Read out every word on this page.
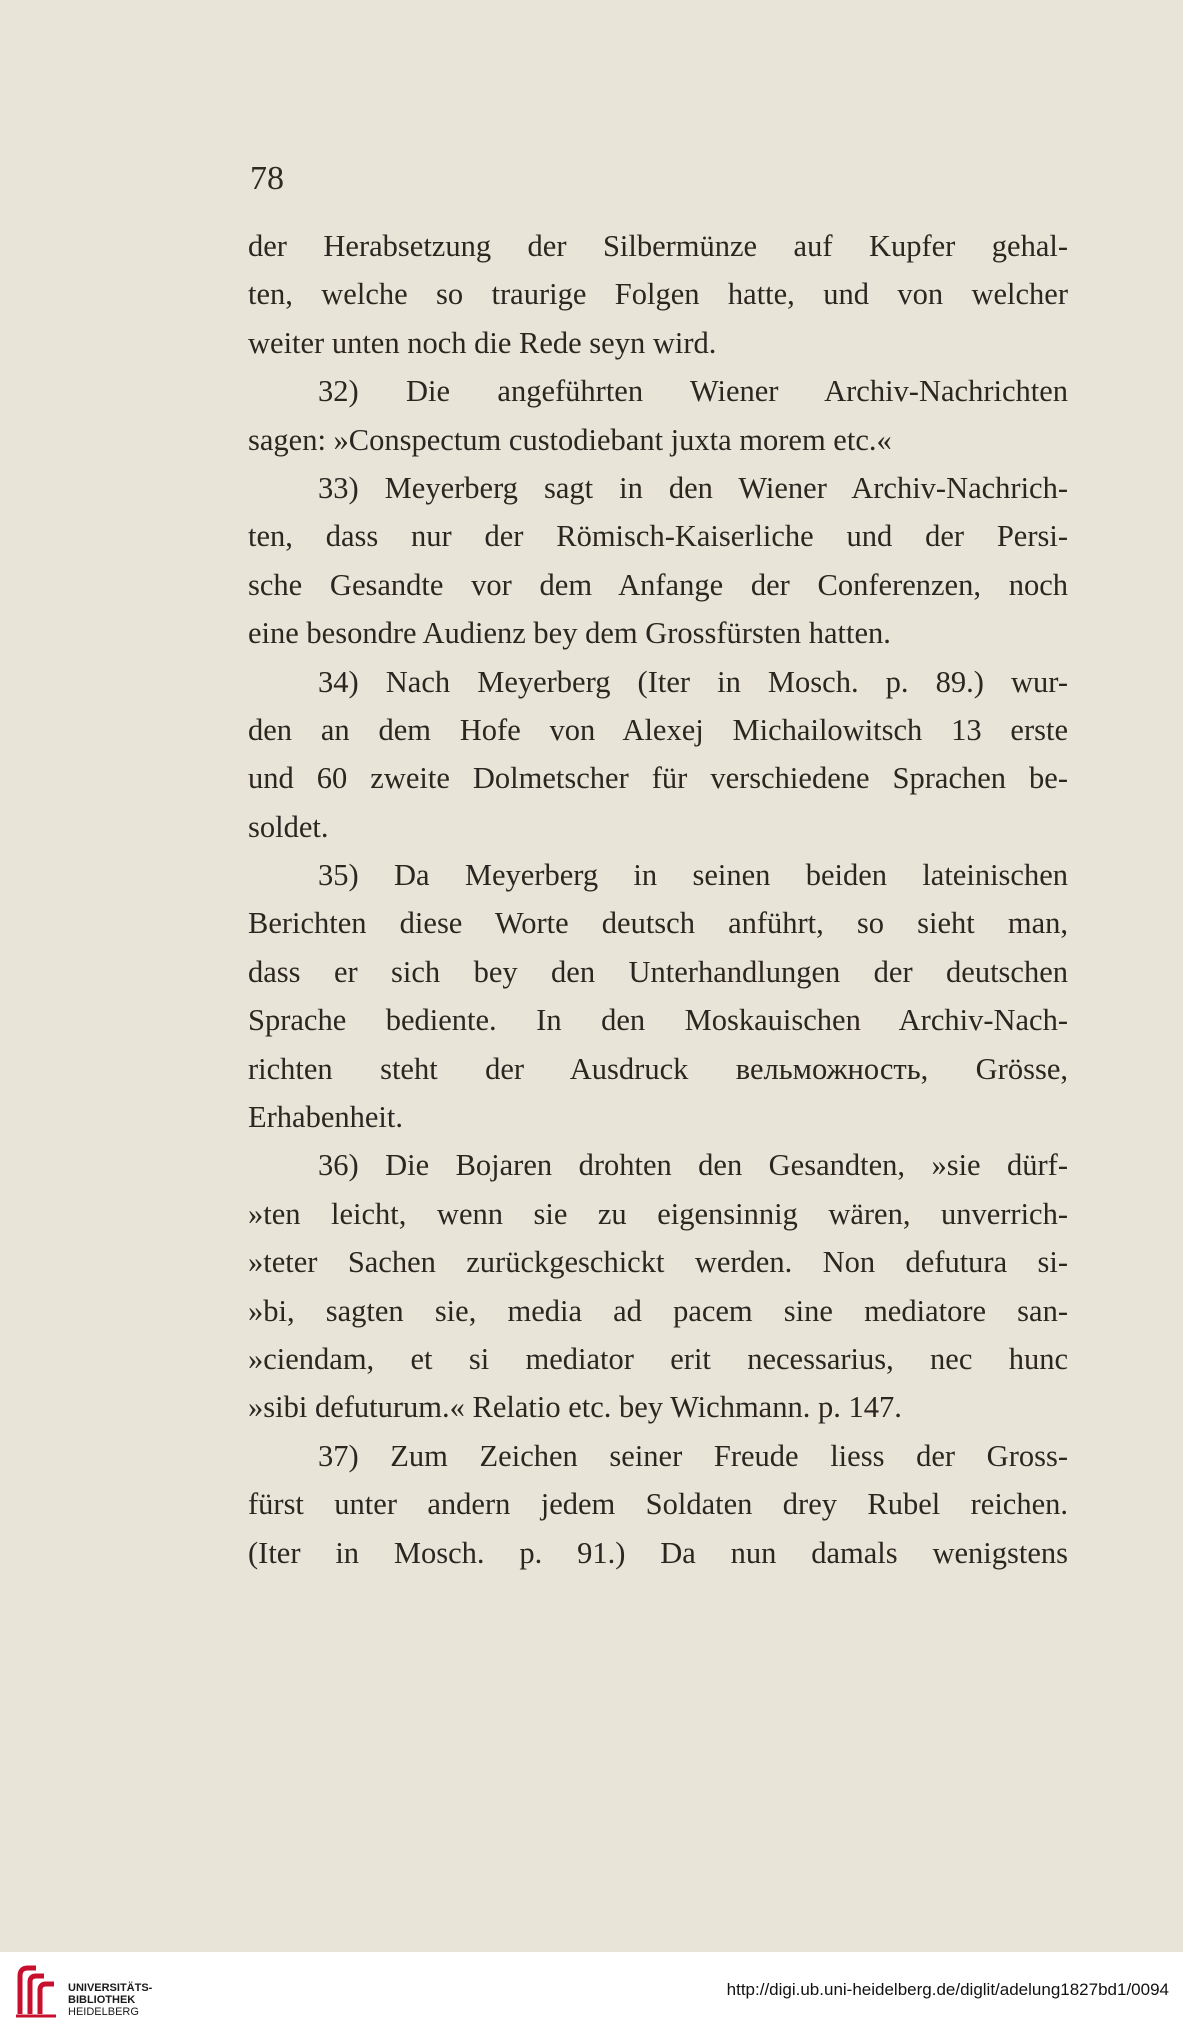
78
der Herabsetzung der Silbermünze auf Kupfer gehal-
ten, welche so traurige Folgen hatte, und von welcher
weiter unten noch die Rede seyn wird.
32) Die angeführten Wiener Archiv-Nachrichten
sagen: »Conspectum custodiebant juxta morem etc.«
33) Meyerberg sagt in den Wiener Archiv-Nachrich-
ten, dass nur der Römisch-Kaiserliche und der Persi-
sche Gesandte vor dem Anfange der Conferenzen, noch
eine besondre Audienz bey dem Grossfürsten hatten.
34) Nach Meyerberg (Iter in Mosch. p. 89.) wur-
den an dem Hofe von Alexej Michailowitsch 13 erste
und 60 zweite Dolmetscher für verschiedene Sprachen be-
soldet.
35) Da Meyerberg in seinen beiden lateinischen
Berichten diese Worte deutsch anführt, so sieht man,
dass er sich bey den Unterhandlungen der deutschen
Sprache bediente. In den Moskauischen Archiv-Nach-
richten steht der Ausdruck вельможность, Grösse,
Erhabenheit.
36) Die Bojaren drohten den Gesandten, »sie dürf-
»ten leicht, wenn sie zu eigensinnig wären, unverrich-
»teter Sachen zurückgeschickt werden. Non defutura si-
»bi, sagten sie, media ad pacem sine mediatore san-
»ciendam, et si mediator erit necessarius, nec hunc
»sibi defuturum.« Relatio etc. bey Wichmann. p. 147.
37) Zum Zeichen seiner Freude liess der Gross-
fürst unter andern jedem Soldaten drey Rubel reichen.
(Iter in Mosch. p. 91.) Da nun damals wenigstens
UNIVERSITÄTS-
BIBLIOTHEK
HEIDELBERG
http://digi.ub.uni-heidelberg.de/diglit/adelung1827bd1/0094
